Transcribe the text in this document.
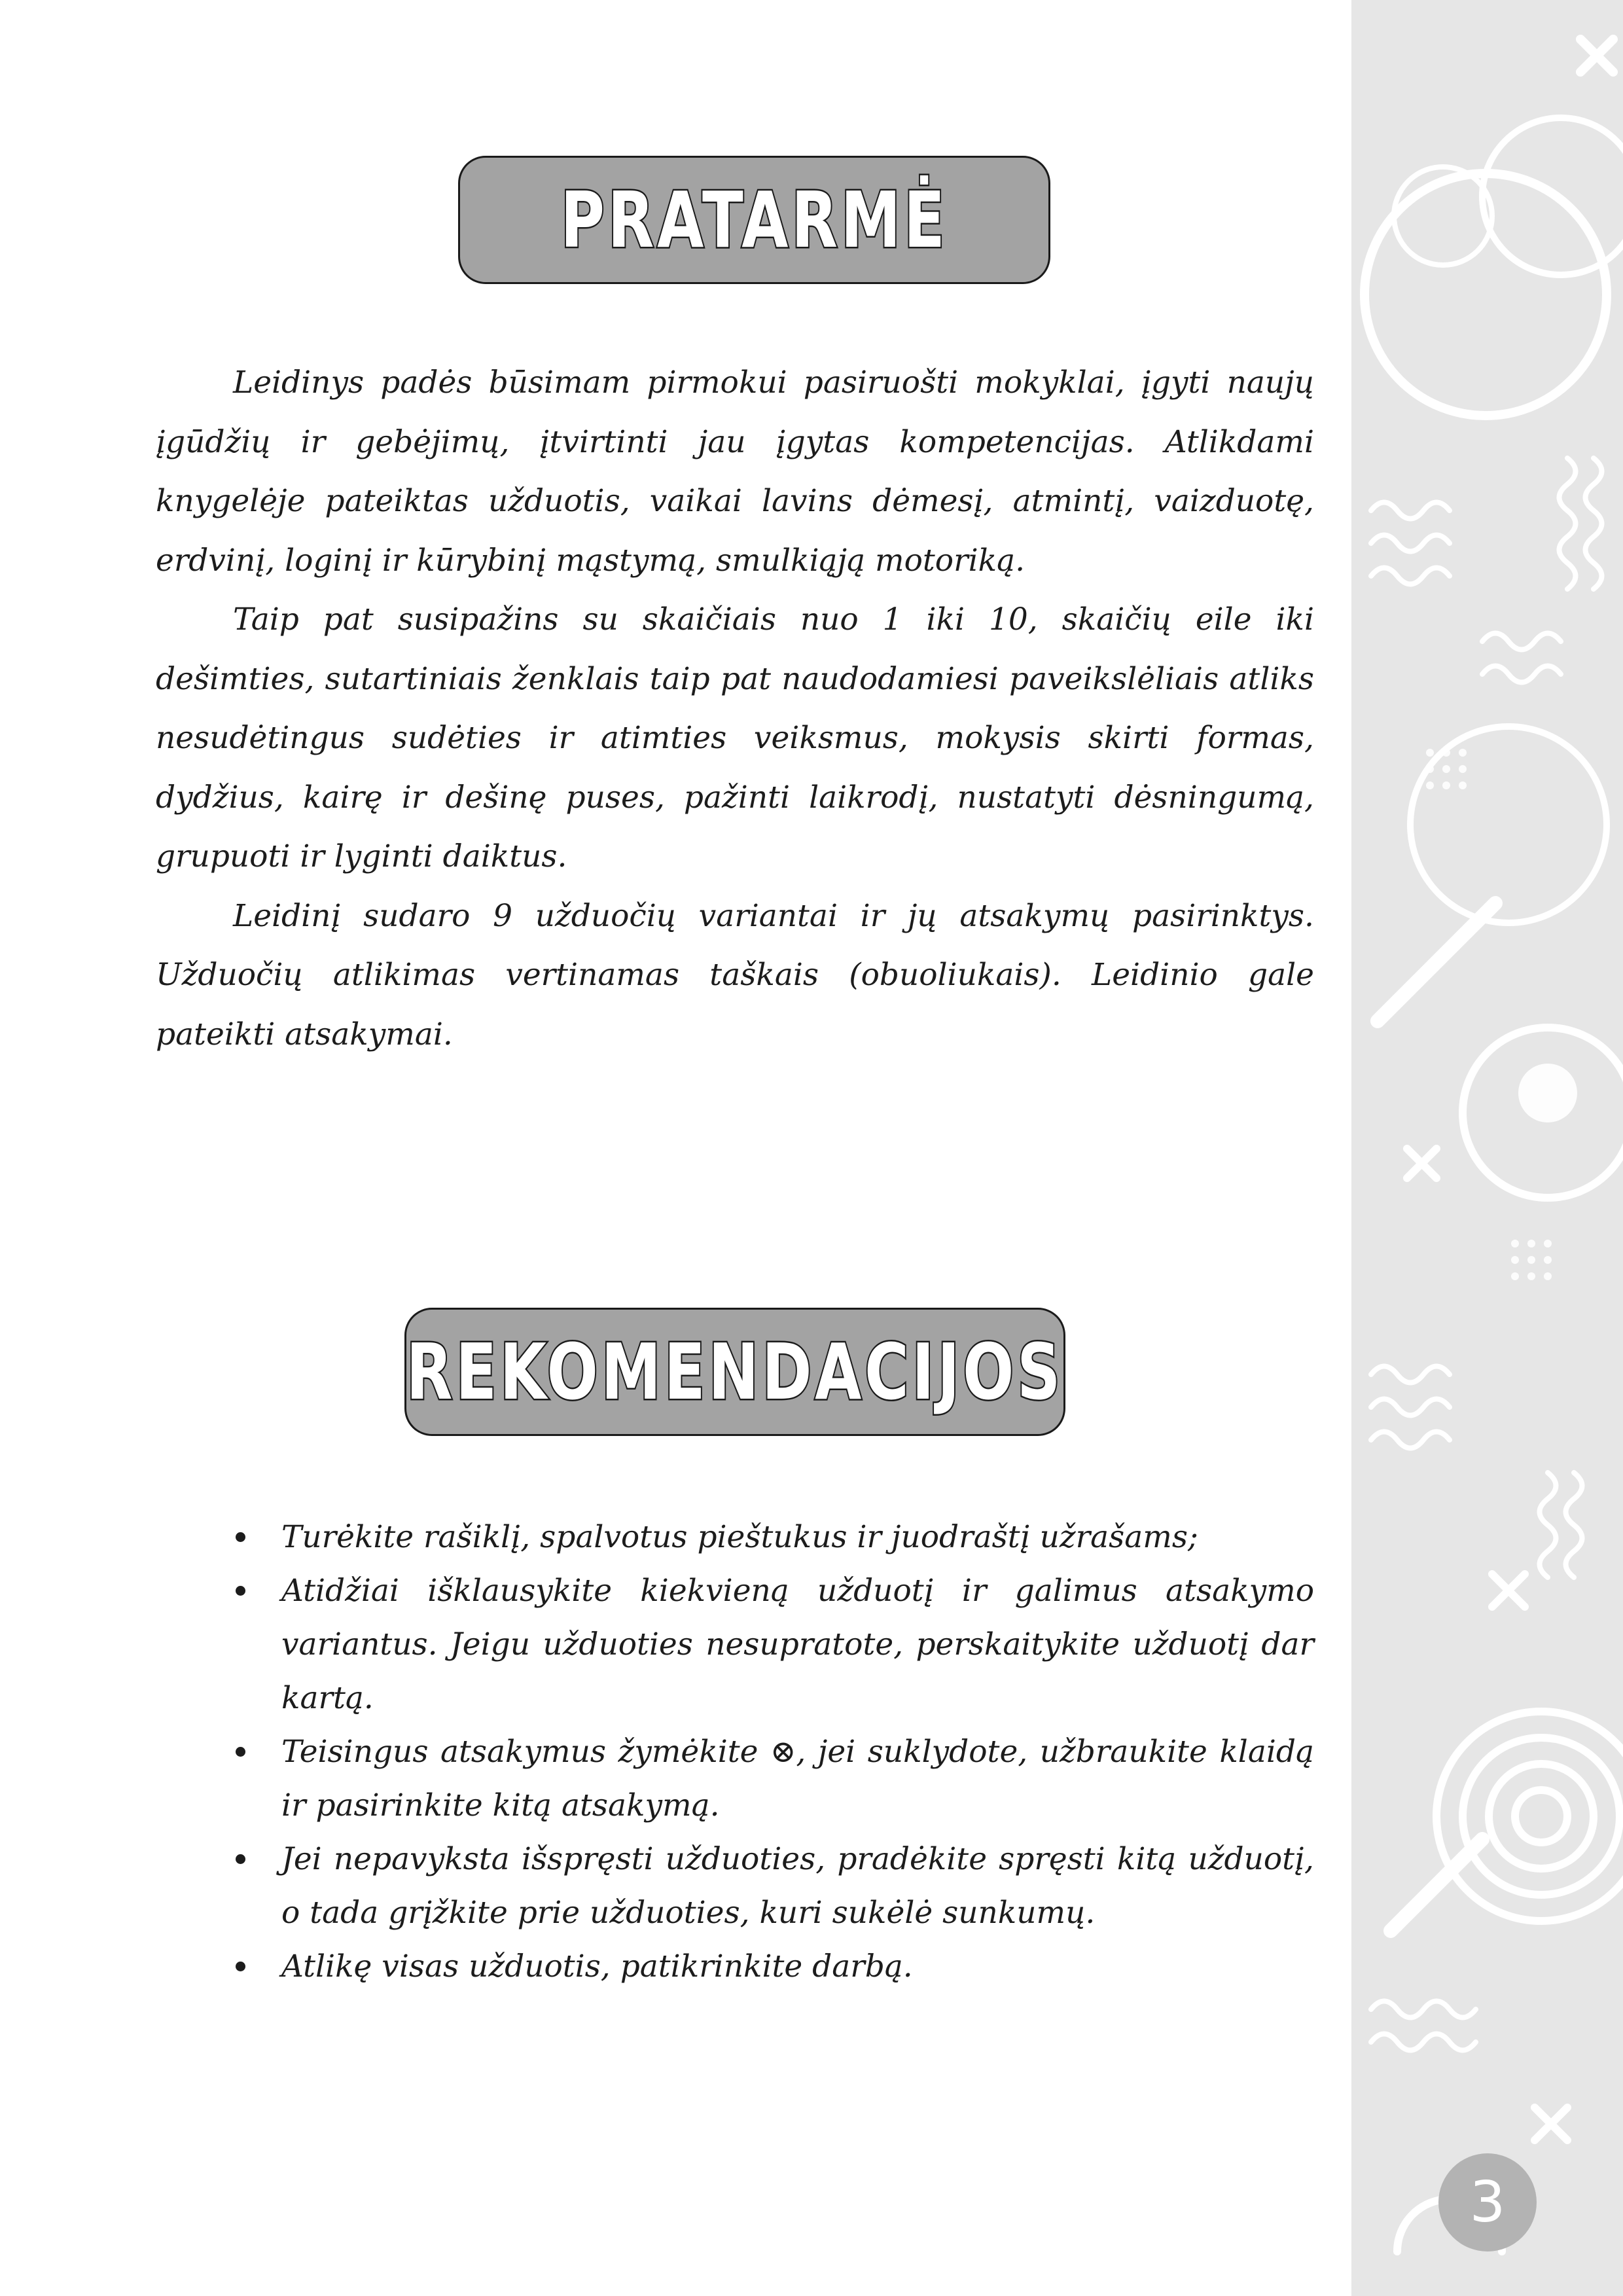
PRATARMĖ

Leidinys padės būsimam pirmokui pasiruošti mokyklai, įgyti naujų įgūdžių ir gebėjimų, įtvirtinti jau įgytas kompetencijas. Atlikdami knygelėje pateiktas užduotis, vaikai lavins dėmesį, atmintį, vaizduotę, erdvinį, loginį ir kūrybinį mąstymą, smulkiąją motoriką.

Taip pat susipažins su skaičiais nuo 1 iki 10, skaičių eile iki dešimties, sutartiniais ženklais taip pat naudodamiesi paveikslėliais atliks nesudėtingus sudėties ir atimties veiksmus, mokysis skirti formas, dydžius, kairę ir dešinę puses, pažinti laikrodį, nustatyti dėsningumą, grupuoti ir lyginti daiktus.

Leidinį sudaro 9 užduočių variantai ir jų atsakymų pasirinktys. Užduočių atlikimas vertinamas taškais (obuoliukais). Leidinio gale pateikti atsakymai.

REKOMENDACIJOS
Turėkite rašiklį, spalvotus pieštukus ir juodraštį užrašams;
Atidžiai išklausykite kiekvieną užduotį ir galimus atsakymo variantus. Jeigu užduoties nesupratote, perskaitykite užduotį dar kartą.
Teisingus atsakymus žymėkite ⊗, jei suklydote, užbraukite klaidą ir pasirinkite kitą atsakymą.
Jei nepavyksta išspręsti užduoties, pradėkite spręsti kitą užduotį, o tada grįžkite prie užduoties, kuri sukėlė sunkumų.
Atlikę visas užduotis, patikrinkite darbą.
3
